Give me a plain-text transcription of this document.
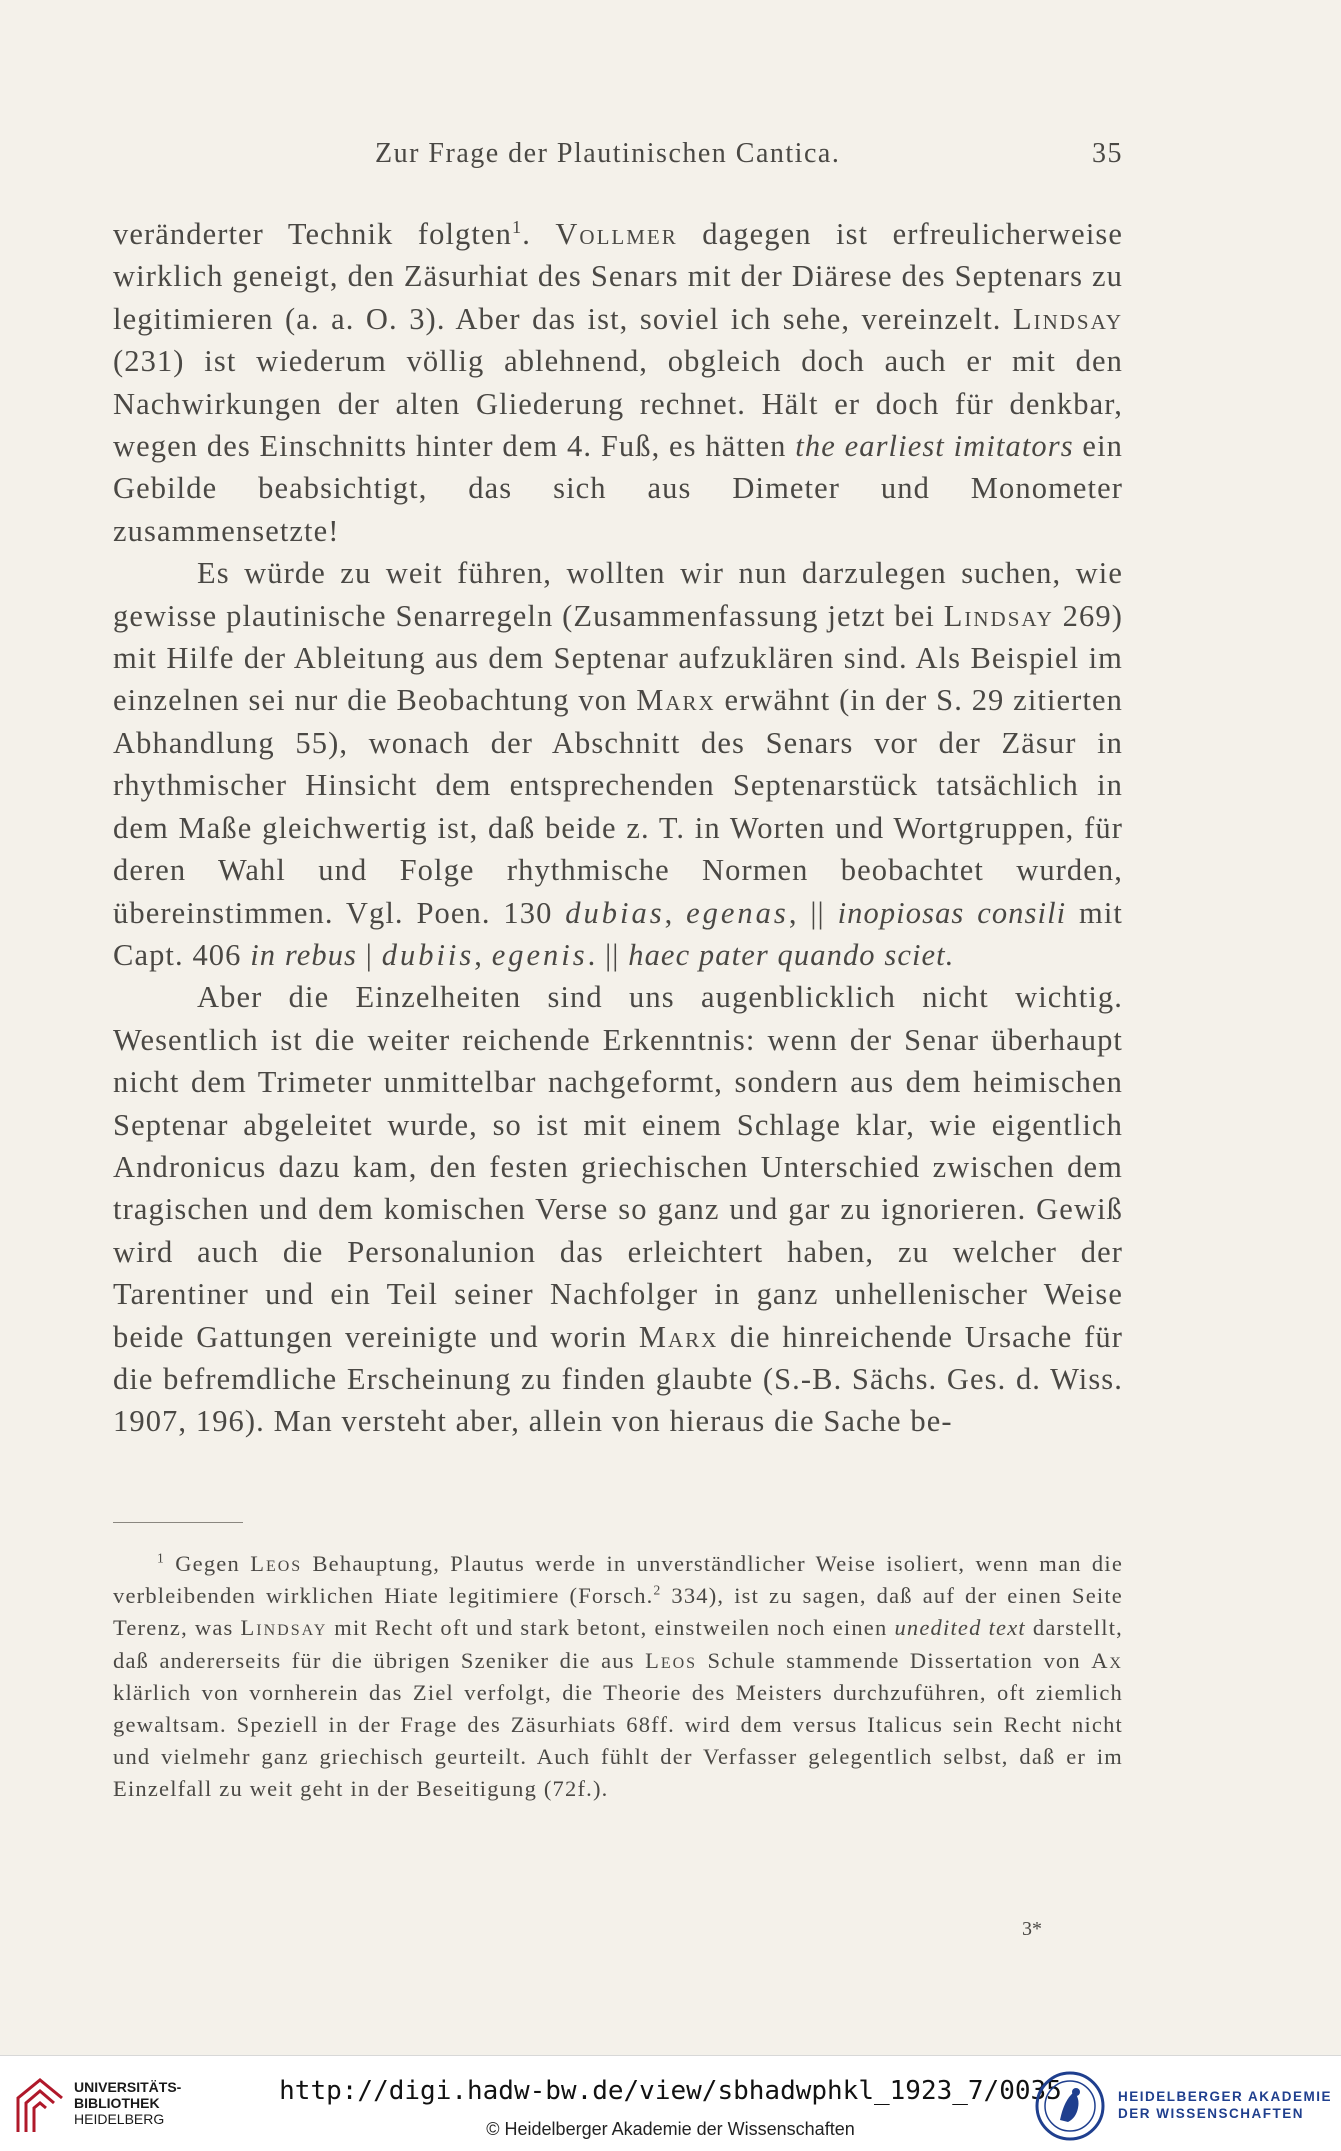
Zur Frage der Plautinischen Cantica.	35

veränderter Technik folgten$^1$. Vollmer dagegen ist erfreulicherweise wirklich geneigt, den Zäsurhiat des Senars mit der Diärese des Septenars zu legitimieren (a. a. O. 3). Aber das ist, soviel ich sehe, vereinzelt. Lindsay (231) ist wiederum völlig ablehnend, obgleich doch auch er mit den Nachwirkungen der alten Gliederung rechnet. Hält er doch für denkbar, wegen des Einschnitts hinter dem 4. Fuß, es hätten the earliest imitators ein Gebilde beabsichtigt, das sich aus Dimeter und Monometer zusammensetzte!

Es würde zu weit führen, wollten wir nun darzulegen suchen, wie gewisse plautinische Senarregeln (Zusammenfassung jetzt bei Lindsay 269) mit Hilfe der Ableitung aus dem Septenar aufzuklären sind. Als Beispiel im einzelnen sei nur die Beobachtung von Marx erwähnt (in der S. 29 zitierten Abhandlung 55), wonach der Abschnitt des Senars vor der Zäsur in rhythmischer Hinsicht dem entsprechenden Septenarstück tatsächlich in dem Maße gleichwertig ist, daß beide z. T. in Worten und Wortgruppen, für deren Wahl und Folge rhythmische Normen beobachtet wurden, übereinstimmen. Vgl. Poen. 130 dubias, egenas, || inopiosas consili mit Capt. 406 in rebus | dubiis, egenis. || haec pater quando sciet.

Aber die Einzelheiten sind uns augenblicklich nicht wichtig. Wesentlich ist die weiter reichende Erkenntnis: wenn der Senar überhaupt nicht dem Trimeter unmittelbar nachgeformt, sondern aus dem heimischen Septenar abgeleitet wurde, so ist mit einem Schlage klar, wie eigentlich Andronicus dazu kam, den festen griechischen Unterschied zwischen dem tragischen und dem komischen Verse so ganz und gar zu ignorieren. Gewiß wird auch die Personalunion das erleichtert haben, zu welcher der Tarentiner und ein Teil seiner Nachfolger in ganz unhellenischer Weise beide Gattungen vereinigte und worin Marx die hinreichende Ursache für die befremdliche Erscheinung zu finden glaubte (S.-B. Sächs. Ges. d. Wiss. 1907, 196). Man versteht aber, allein von hieraus die Sache be-

$^1$ Gegen Leos Behauptung, Plautus werde in unverständlicher Weise isoliert, wenn man die verbleibenden wirklichen Hiate legitimiere (Forsch.$^2$ 334), ist zu sagen, daß auf der einen Seite Terenz, was Lindsay mit Recht oft und stark betont, einstweilen noch einen unedited text darstellt, daß andererseits für die übrigen Szeniker die aus Leos Schule stammende Dissertation von Ax klärlich von vornherein das Ziel verfolgt, die Theorie des Meisters durchzuführen, oft ziemlich gewaltsam. Speziell in der Frage des Zäsurhiats 68ff. wird dem versus Italicus sein Recht nicht und vielmehr ganz griechisch geurteilt. Auch fühlt der Verfasser gelegentlich selbst, daß er im Einzelfall zu weit geht in der Beseitigung (72f.).

3*
UNIVERSITÄTS-
BIBLIOTHEK
HEIDELBERG
http://digi.hadw-bw.de/view/sbhadwphkl_1923_7/0035
© Heidelberger Akademie der Wissenschaften
HEIDELBERGER AKADEMIE
DER WISSENSCHAFTEN
